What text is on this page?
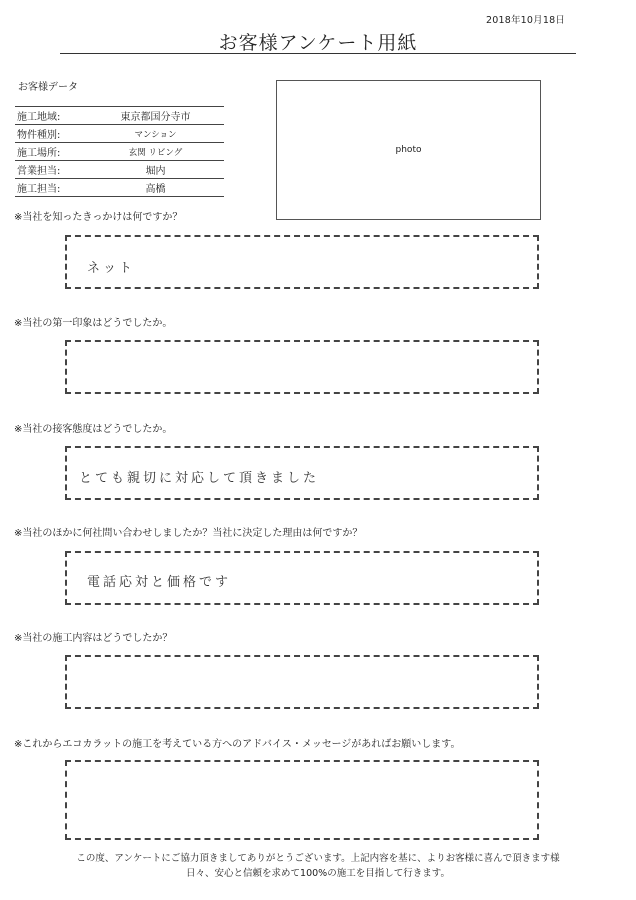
2018年10月18日
お客様アンケート用紙
お客様データ
施工地域:	東京都国分寺市
物件種別:	マンション
施工場所:	玄関 リビング
営業担当:	堀内
施工担当:	高橋
photo
※当社を知ったきっかけは何ですか？
ネット
※当社の第一印象はどうでしたか。
※当社の接客態度はどうでしたか。
とても親切に対応して頂きました
※当社のほかに何社問い合わせしましたか？当社に決定した理由は何ですか？
電話応対と価格です
※当社の施工内容はどうでしたか？
※これからエコカラットの施工を考えている方へのアドバイス・メッセージがあればお願いします。
この度、アンケートにご協力頂きましてありがとうございます。上記内容を基に、よりお客様に喜んで頂きます様
日々、安心と信頼を求めて100%の施工を目指して行きます。
